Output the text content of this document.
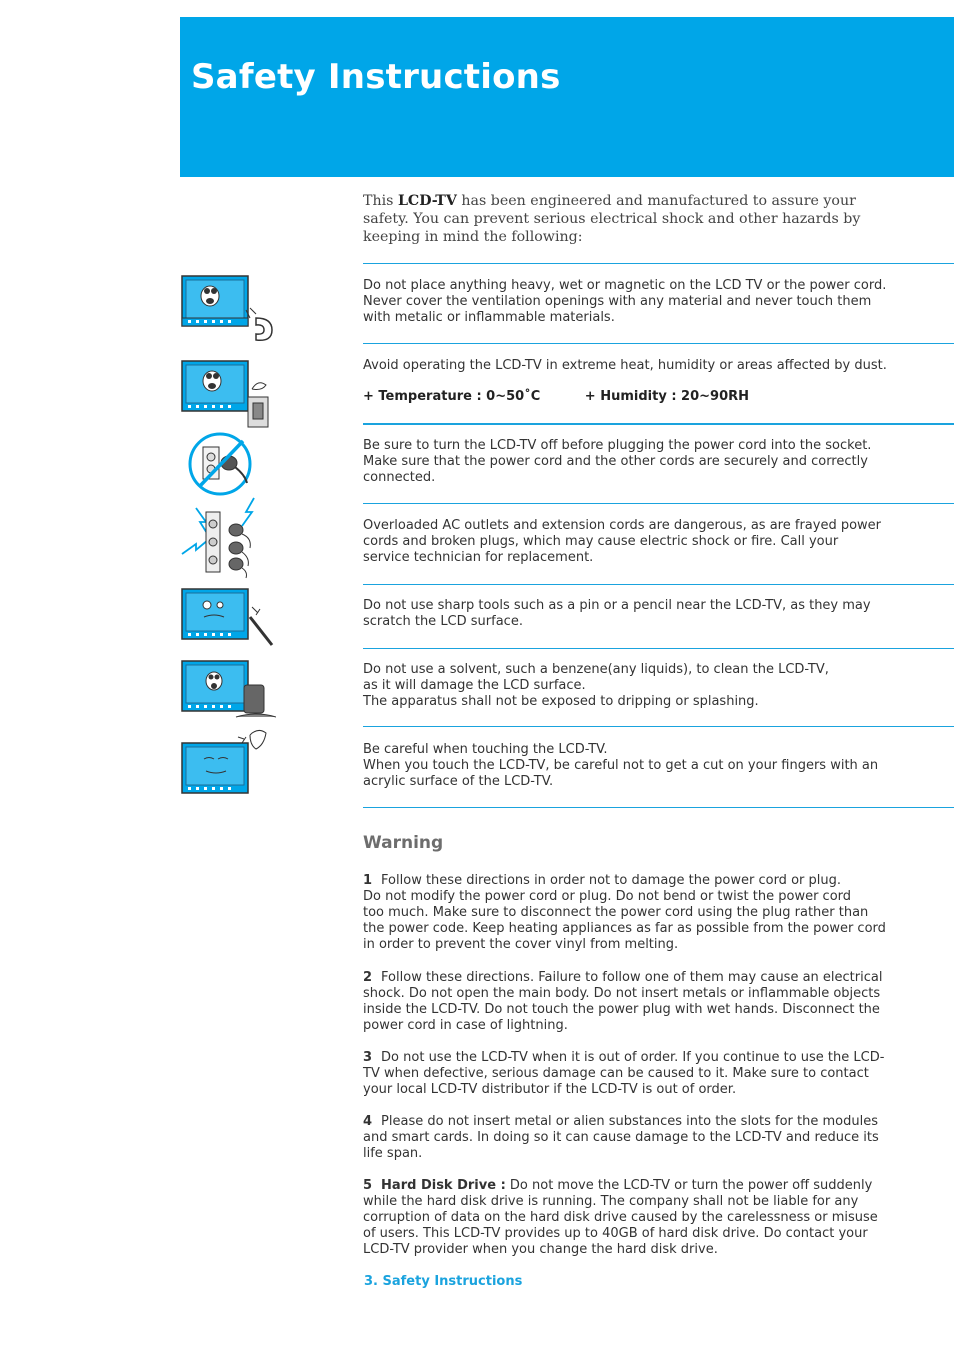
Safety Instructions
This LCD-TV has been engineered and manufactured to assure your safety. You can prevent serious electrical shock and other hazards by keeping in mind the following:
Do not place anything heavy, wet or magnetic on the LCD TV or the power cord. Never cover the ventilation openings with any material and never touch them with metalic or inflammable materials.
Avoid operating the LCD-TV in extreme heat, humidity or areas affected by dust.
+ Temperature : 0~50˚C	+ Humidity : 20~90RH
Be sure to turn the LCD-TV off before plugging the power cord into the socket. Make sure that the power cord and the other cords are securely and correctly connected.
Overloaded AC outlets and extension cords are dangerous, as are frayed power cords and broken plugs, which may cause electric shock or fire. Call your service technician for replacement.
Do not use sharp tools such as a pin or a pencil near the LCD-TV, as they may scratch the LCD surface.
Do not use a solvent, such a benzene(any liquids), to clean the LCD-TV,
as it will damage the LCD surface.
The apparatus shall not be exposed to dripping or splashing.
Be careful when touching the LCD-TV.
When you touch the LCD-TV, be careful not to get a cut on your fingers with an acrylic surface of the LCD-TV.
Warning
1 Follow these directions in order not to damage the power cord or plug.
Do not modify the power cord or plug. Do not bend or twist the power cord
too much. Make sure to disconnect the power cord using the plug rather than the power code. Keep heating appliances as far as possible from the power cord in order to prevent the cover vinyl from melting.
2 Follow these directions. Failure to follow one of them may cause an electrical shock. Do not open the main body. Do not insert metals or inflammable objects inside the LCD-TV. Do not touch the power plug with wet hands. Disconnect the power cord in case of lightning.
3 Do not use the LCD-TV when it is out of order. If you continue to use the LCD-TV when defective, serious damage can be caused to it. Make sure to contact your local LCD-TV distributor if the LCD-TV is out of order.
4 Please do not insert metal or alien substances into the slots for the modules and smart cards. In doing so it can cause damage to the LCD-TV and reduce its life span.
5 Hard Disk Drive : Do not move the LCD-TV or turn the power off suddenly while the hard disk drive is running. The company shall not be liable for any corruption of data on the hard disk drive caused by the carelessness or misuse of users. This LCD-TV provides up to 40GB of hard disk drive. Do contact your LCD-TV provider when you change the hard disk drive.
3. Safety Instructions
